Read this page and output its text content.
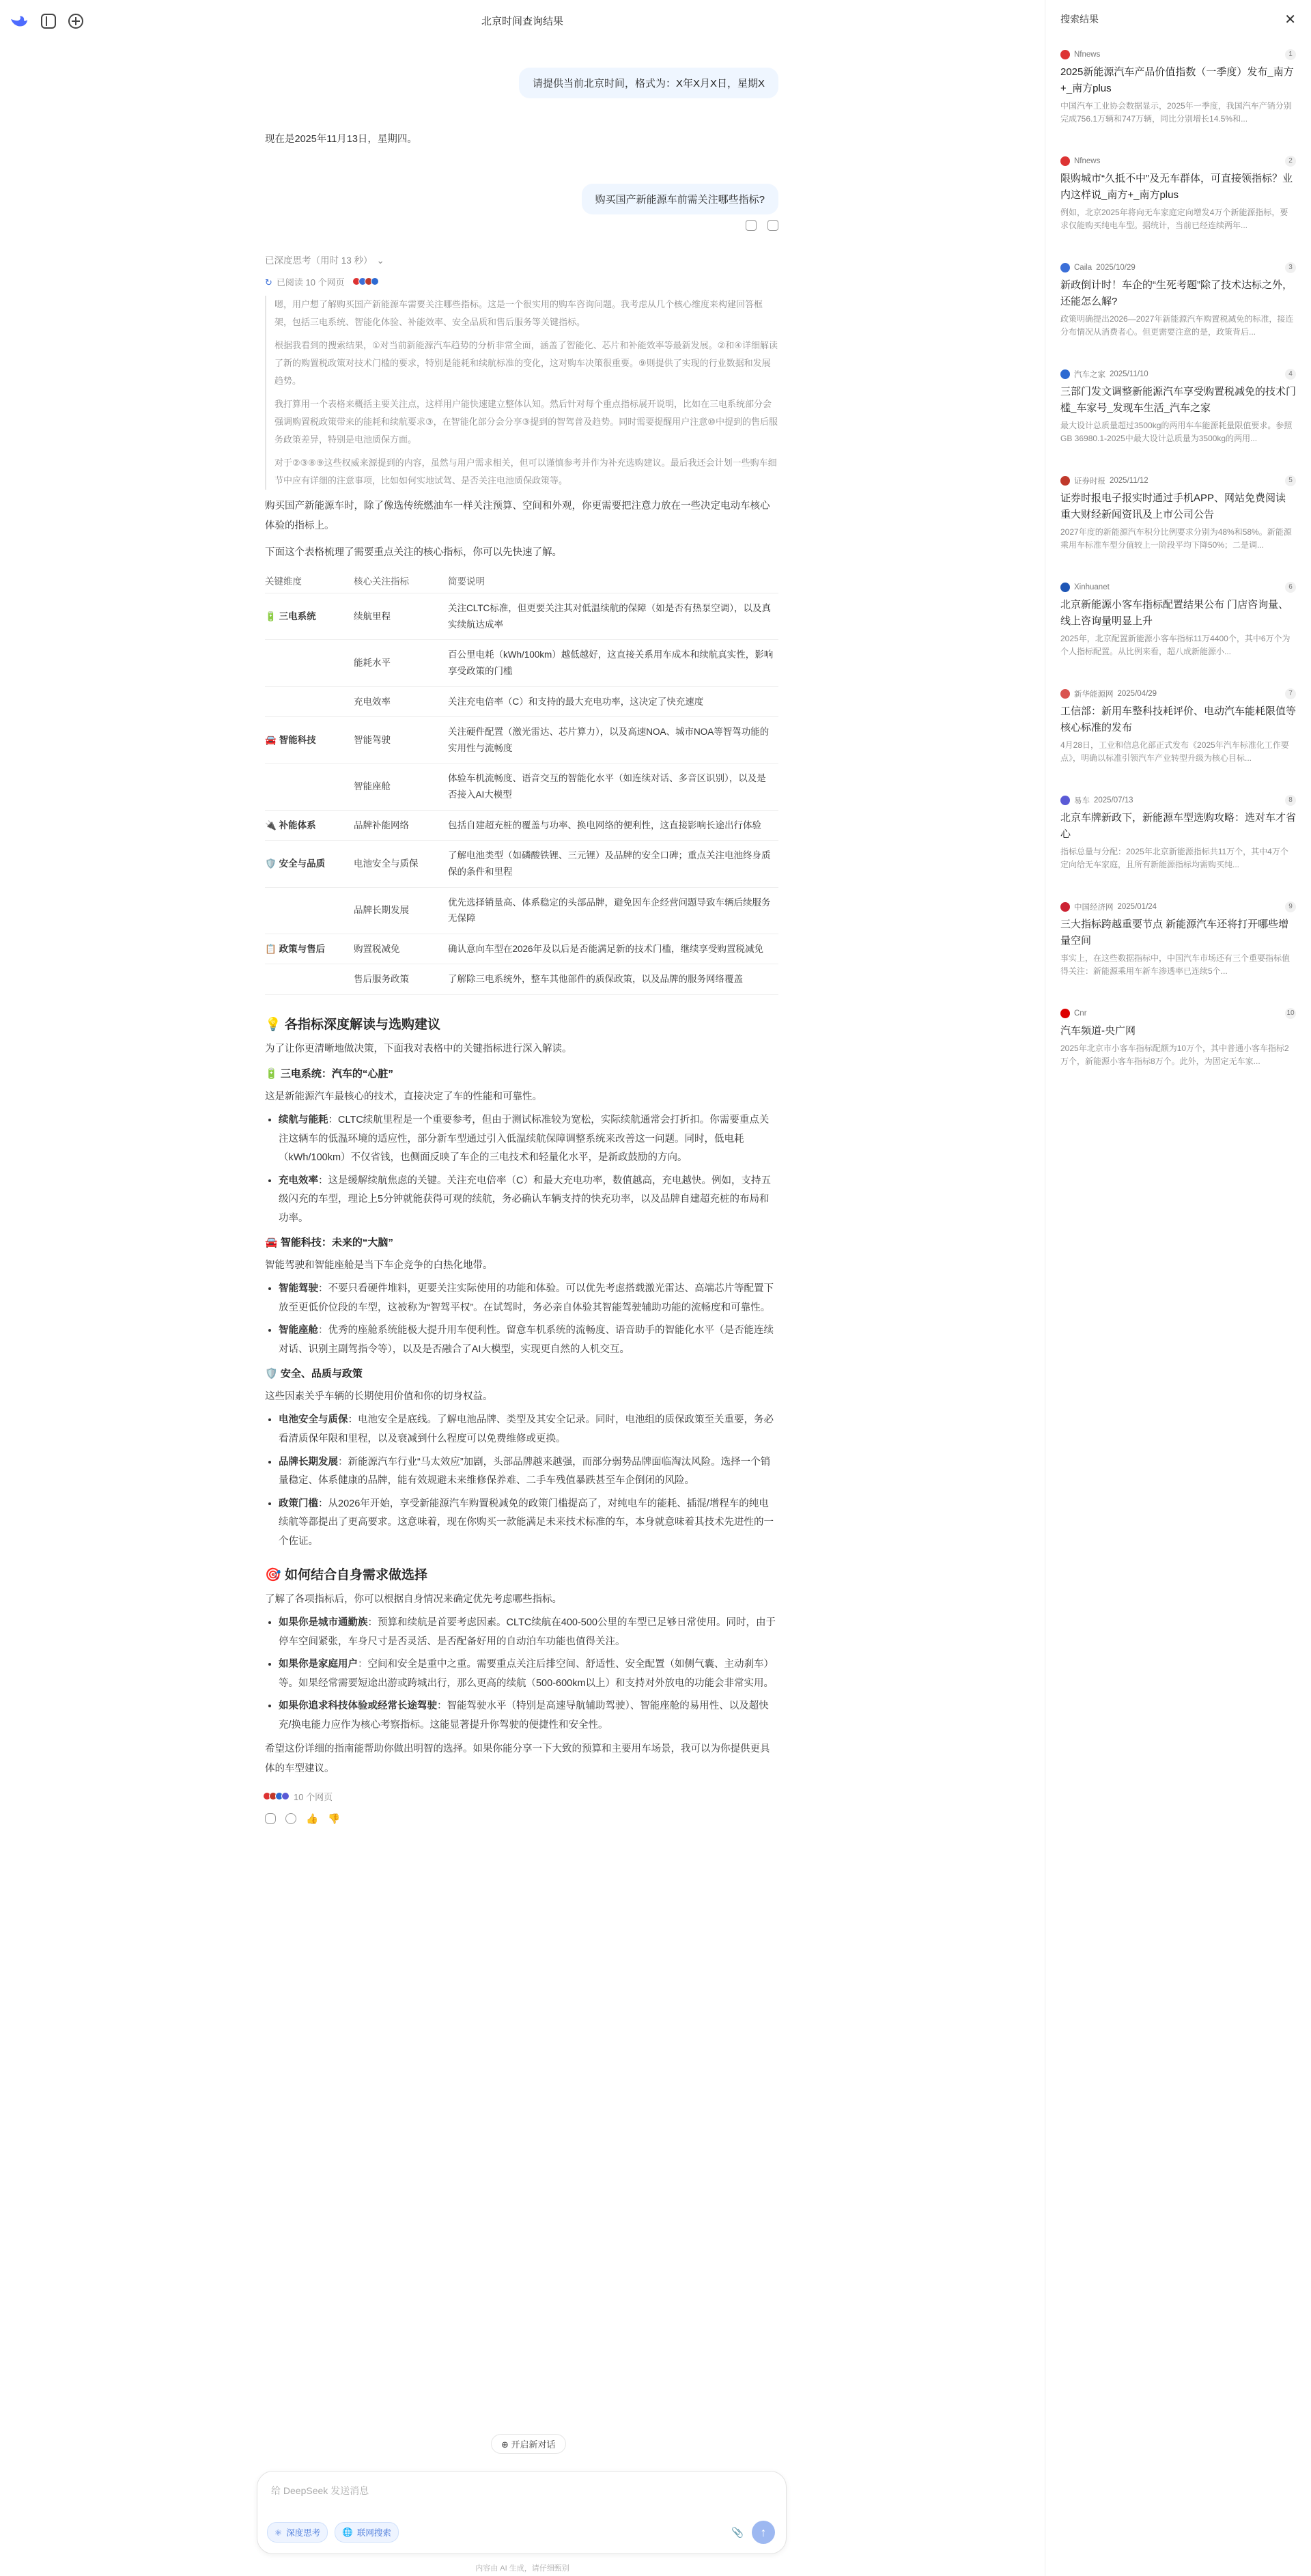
北京时间查询结果
请提供当前北京时间，格式为：X年X月X日，星期X
现在是2025年11月13日，星期四。
购买国产新能源车前需关注哪些指标?
已深度思考（用时 13 秒） ⌄
↻ 已阅读 10 个网页

嗯，用户想了解购买国产新能源车需要关注哪些指标。这是一个很实用的购车咨询问题。我考虑从几个核心维度来构建回答框架，包括三电系统、智能化体验、补能效率、安全品质和售后服务等关键指标。

根据我看到的搜索结果，①对当前新能源汽车趋势的分析非常全面，涵盖了智能化、芯片和补能效率等最新发展。②和④详细解读了新的购置税政策对技术门槛的要求，特别是能耗和续航标准的变化，这对购车决策很重要。⑨则提供了实现的行业数据和发展趋势。

我打算用一个表格来概括主要关注点，这样用户能快速建立整体认知。然后针对每个重点指标展开说明，比如在三电系统部分会强调购置税政策带来的能耗和续航要求③，在智能化部分会分享③提到的智驾普及趋势。同时需要提醒用户注意⑩中提到的售后服务政策差异，特别是电池质保方面。

对于②③⑧⑨这些权威来源提到的内容，虽然与用户需求相关，但可以谨慎参考并作为补充选购建议。最后我还会计划一些购车细节中应有详细的注意事项，比如如何实地试驾、是否关注电池质保政策等。

购买国产新能源车时，除了像选传统燃油车一样关注预算、空间和外观，你更需要把注意力放在一些决定电动车核心体验的指标上。

下面这个表格梳理了需要重点关注的核心指标，你可以先快速了解。

关键维度	核心关注指标	简要说明
🔋 三电系统	续航里程	关注CLTC标准，但更要关注其对低温续航的保障（如是否有热泵空调），以及真实续航达成率
	能耗水平	百公里电耗（kWh/100km）越低越好，这直接关系用车成本和续航真实性，影响享受政策的门槛
	充电效率	关注充电倍率（C）和支持的最大充电功率，这决定了快充速度
🚘 智能科技	智能驾驶	关注硬件配置（激光雷达、芯片算力），以及高速NOA、城市NOA等智驾功能的实用性与流畅度
	智能座舱	体验车机流畅度、语音交互的智能化水平（如连续对话、多音区识别），以及是否接入AI大模型
🔌 补能体系	品牌补能网络	包括自建超充桩的覆盖与功率、换电网络的便利性，这直接影响长途出行体验
🛡️ 安全与品质	电池安全与质保	了解电池类型（如磷酸铁锂、三元锂）及品牌的安全口碑；重点关注电池终身质保的条件和里程
	品牌长期发展	优先选择销量高、体系稳定的头部品牌，避免因车企经营问题导致车辆后续服务无保障
📋 政策与售后	购置税减免	确认意向车型在2026年及以后是否能满足新的技术门槛，继续享受购置税减免
	售后服务政策	了解除三电系统外，整车其他部件的质保政策，以及品牌的服务网络覆盖
💡 各指标深度解读与选购建议

为了让你更清晰地做决策，下面我对表格中的关键指标进行深入解读。

🔋 三电系统：汽车的“心脏”

这是新能源汽车最核心的技术，直接决定了车的性能和可靠性。

• 续航与能耗：CLTC续航里程是一个重要参考，但由于测试标准较为宽松，实际续航通常会打折扣。你需要重点关注这辆车的低温环境的适应性，部分新车型通过引入低温续航保障调整系统来改善这一问题。同时，低电耗（kWh/100km）不仅省钱，也侧面反映了车企的三电技术和轻量化水平，是新政鼓励的方向。
• 充电效率：这是缓解续航焦虑的关键。关注充电倍率（C）和最大充电功率，数值越高，充电越快。例如，支持五级闪充的车型，理论上5分钟就能获得可观的续航，务必确认车辆支持的快充功率，以及品牌自建超充桩的布局和功率。
🚘 智能科技：未来的“大脑”

智能驾驶和智能座舱是当下车企竞争的白热化地带。

• 智能驾驶：不要只看硬件堆料，更要关注实际使用的功能和体验。可以优先考虑搭载激光雷达、高端芯片等配置下放至更低价位段的车型，这被称为“智驾平权”。在试驾时，务必亲自体验其智能驾驶辅助功能的流畅度和可靠性。
• 智能座舱：优秀的座舱系统能极大提升用车便利性。留意车机系统的流畅度、语音助手的智能化水平（是否能连续对话、识别主副驾指令等），以及是否融合了AI大模型，实现更自然的人机交互。
🛡️ 安全、品质与政策

这些因素关乎车辆的长期使用价值和你的切身权益。

• 电池安全与质保：电池安全是底线。了解电池品牌、类型及其安全记录。同时，电池组的质保政策至关重要，务必看清质保年限和里程，以及衰减到什么程度可以免费维修或更换。
• 品牌长期发展：新能源汽车行业“马太效应”加剧，头部品牌越来越强，而部分弱势品牌面临淘汰风险。选择一个销量稳定、体系健康的品牌，能有效规避未来维修保养难、二手车残值暴跌甚至车企倒闭的风险。
• 政策门槛：从2026年开始，享受新能源汽车购置税减免的政策门槛提高了，对纯电车的能耗、插混/增程车的纯电续航等都提出了更高要求。这意味着，现在你购买一款能满足未来技术标准的车，本身就意味着其技术先进性的一个佐证。
🎯 如何结合自身需求做选择

了解了各项指标后，你可以根据自身情况来确定优先考虑哪些指标。

• 如果你是城市通勤族：预算和续航是首要考虑因素。CLTC续航在400-500公里的车型已足够日常使用。同时，由于停车空间紧张，车身尺寸是否灵活、是否配备好用的自动泊车功能也值得关注。
• 如果你是家庭用户：空间和安全是重中之重。需要重点关注后排空间、舒适性、安全配置（如侧气囊、主动刹车）等。如果经常需要短途出游或跨城出行，那么更高的续航（500-600km以上）和支持对外放电的功能会非常实用。
• 如果你追求科技体验或经常长途驾驶：智能驾驶水平（特别是高速导航辅助驾驶）、智能座舱的易用性、以及超快充/换电能力应作为核心考察指标。这能显著提升你驾驶的便捷性和安全性。

希望这份详细的指南能帮助你做出明智的选择。如果你能分享一下大致的预算和主要用车场景，我可以为你提供更具体的车型建议。

10 个网页
👍 👎
⊕ 开启新对话
给 DeepSeek 发送消息
⚛ 深度思考	🌐 联网搜索	📎	↑
内容由 AI 生成，请仔细甄别
搜索结果	✕
Nfnews	1
2025新能源汽车产品价值指数（一季度）发布_南方+_南方plus
中国汽车工业协会数据显示，2025年一季度，我国汽车产销分别完成756.1万辆和747万辆，同比分别增长14.5%和...
Nfnews	2
限购城市“久抵不中”及无车群体，可直接领指标？业内这样说_南方+_南方plus
例如，北京2025年将向无车家庭定向增发4万个新能源指标，要求仅能购买纯电车型。据统计，当前已经连续两年...
Caila 2025/10/29	3
新政倒计时！车企的“生死考题”除了技术达标之外，还能怎么解?
政策明确提出2026—2027年新能源汽车购置税减免的标准，接连分布情况从消费者心。但更需要注意的是，政策背后...
汽车之家 2025/11/10	4
三部门发文调整新能源汽车享受购置税减免的技术门槛_车家号_发现车生活_汽车之家
最大设计总质量超过3500kg的两用车车能源耗量限值要求。参照GB 36980.1-2025中最大设计总质量为3500kg的两用...
证券时报 2025/11/12	5
证券时报电子报实时通过手机APP、网站免费阅读重大财经新闻资讯及上市公司公告
2027年度的新能源汽车积分比例要求分别为48%和58%。新能源乘用车标准车型分值较上一阶段平均下降50%；二是调...
Xinhuanet	6
北京新能源小客车指标配置结果公布 门店咨询量、线上咨询量明显上升
2025年，北京配置新能源小客车指标11万4400个，其中6万个为个人指标配置。从比例来看，超八成新能源小...
新华能源网 2025/04/29	7
工信部：新用车整科技耗评价、电动汽车能耗限值等核心标准的发布
4月28日，工业和信息化部正式发布《2025年汽车标准化工作要点》，明确以标准引领汽车产业转型升级为核心目标...
易车 2025/07/13	8
北京车牌新政下，新能源车型选购攻略：选对车才省心
指标总量与分配：2025年北京新能源指标共11万个，其中4万个定向给无车家庭，且所有新能源指标均需购买纯...
中国经济网 2025/01/24	9
三大指标跨越重要节点 新能源汽车还将打开哪些增量空间
事实上，在这些数据指标中，中国汽车市场还有三个重要指标值得关注：新能源乘用车新车渗透率已连续5个...
Cnr	10
汽车频道-央广网
2025年北京市小客车指标配额为10万个，其中普通小客车指标2万个，新能源小客车指标8万个。此外，为固定无车家...
